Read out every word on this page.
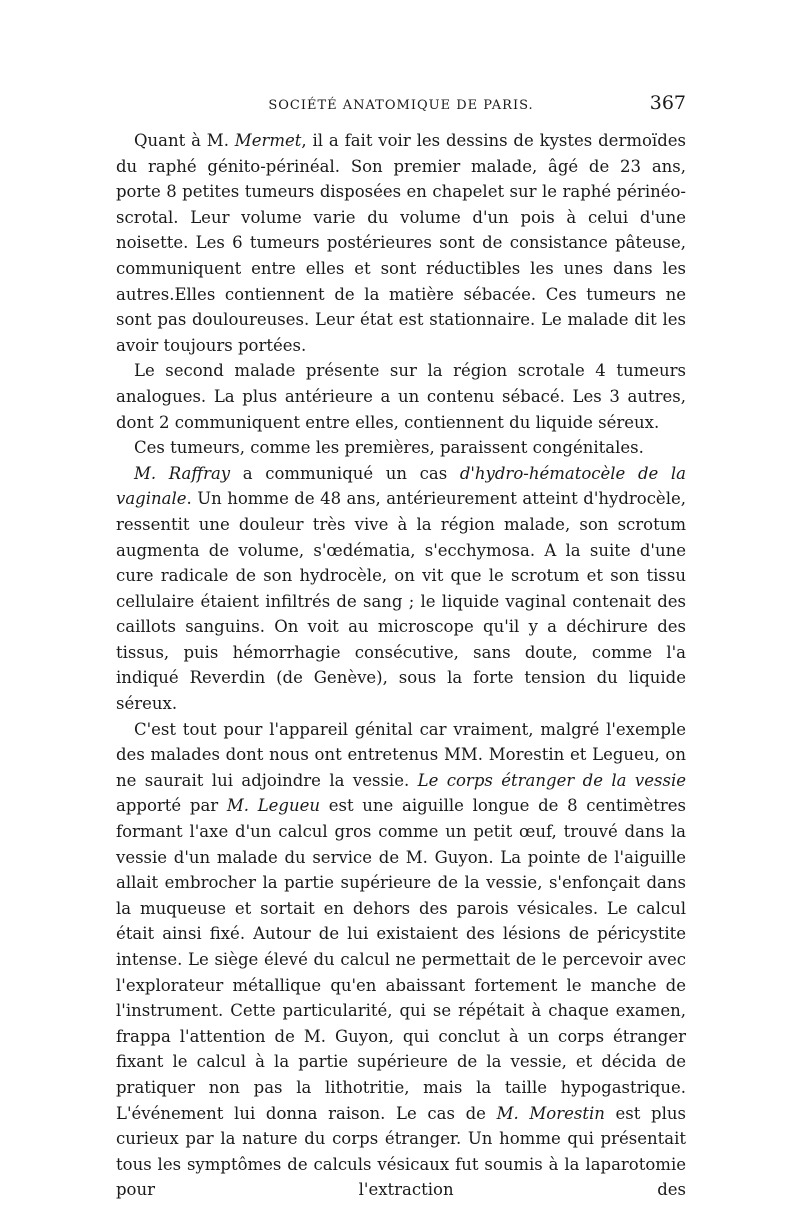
SOCIÉTÉ ANATOMIQUE DE PARIS.	367

Quant à M. Mermet, il a fait voir les dessins de kystes dermoïdes du raphé génito-périnéal. Son premier malade, âgé de 23 ans, porte 8 petites tumeurs disposées en chapelet sur le raphé périnéo-scrotal. Leur volume varie du volume d'un pois à celui d'une noisette. Les 6 tumeurs postérieures sont de consistance pâteuse, communiquent entre elles et sont réductibles les unes dans les autres.Elles contiennent de la matière sébacée. Ces tumeurs ne sont pas douloureuses. Leur état est stationnaire. Le malade dit les avoir toujours portées.

Le second malade présente sur la région scrotale 4 tumeurs analogues. La plus antérieure a un contenu sébacé. Les 3 autres, dont 2 communiquent entre elles, contiennent du liquide séreux.

Ces tumeurs, comme les premières, paraissent congénitales.

M. Raffray a communiqué un cas d'hydro-hématocèle de la vaginale. Un homme de 48 ans, antérieurement atteint d'hydrocèle, ressentit une douleur très vive à la région malade, son scrotum augmenta de volume, s'œdématia, s'ecchymosa. A la suite d'une cure radicale de son hydrocèle, on vit que le scrotum et son tissu cellulaire étaient infiltrés de sang ; le liquide vaginal contenait des caillots sanguins. On voit au microscope qu'il y a déchirure des tissus, puis hémorrhagie consécutive, sans doute, comme l'a indiqué Reverdin (de Genève), sous la forte tension du liquide séreux.

C'est tout pour l'appareil génital car vraiment, malgré l'exemple des malades dont nous ont entretenus MM. Morestin et Legueu, on ne saurait lui adjoindre la vessie. Le corps étranger de la vessie apporté par M. Legueu est une aiguille longue de 8 centimètres formant l'axe d'un calcul gros comme un petit œuf, trouvé dans la vessie d'un malade du service de M. Guyon. La pointe de l'aiguille allait embrocher la partie supérieure de la vessie, s'enfonçait dans la muqueuse et sortait en dehors des parois vésicales. Le calcul était ainsi fixé. Autour de lui existaient des lésions de péricystite intense. Le siège élevé du calcul ne permettait de le percevoir avec l'explorateur métallique qu'en abaissant fortement le manche de l'instrument. Cette particularité, qui se répétait à chaque examen, frappa l'attention de M. Guyon, qui conclut à un corps étranger fixant le calcul à la partie supérieure de la vessie, et décida de pratiquer non pas la lithotritie, mais la taille hypogastrique. L'événement lui donna raison. Le cas de M. Morestin est plus curieux par la nature du corps étranger. Un homme qui présentait tous les symptômes de calculs vésicaux fut soumis à la laparotomie pour l'extraction des
